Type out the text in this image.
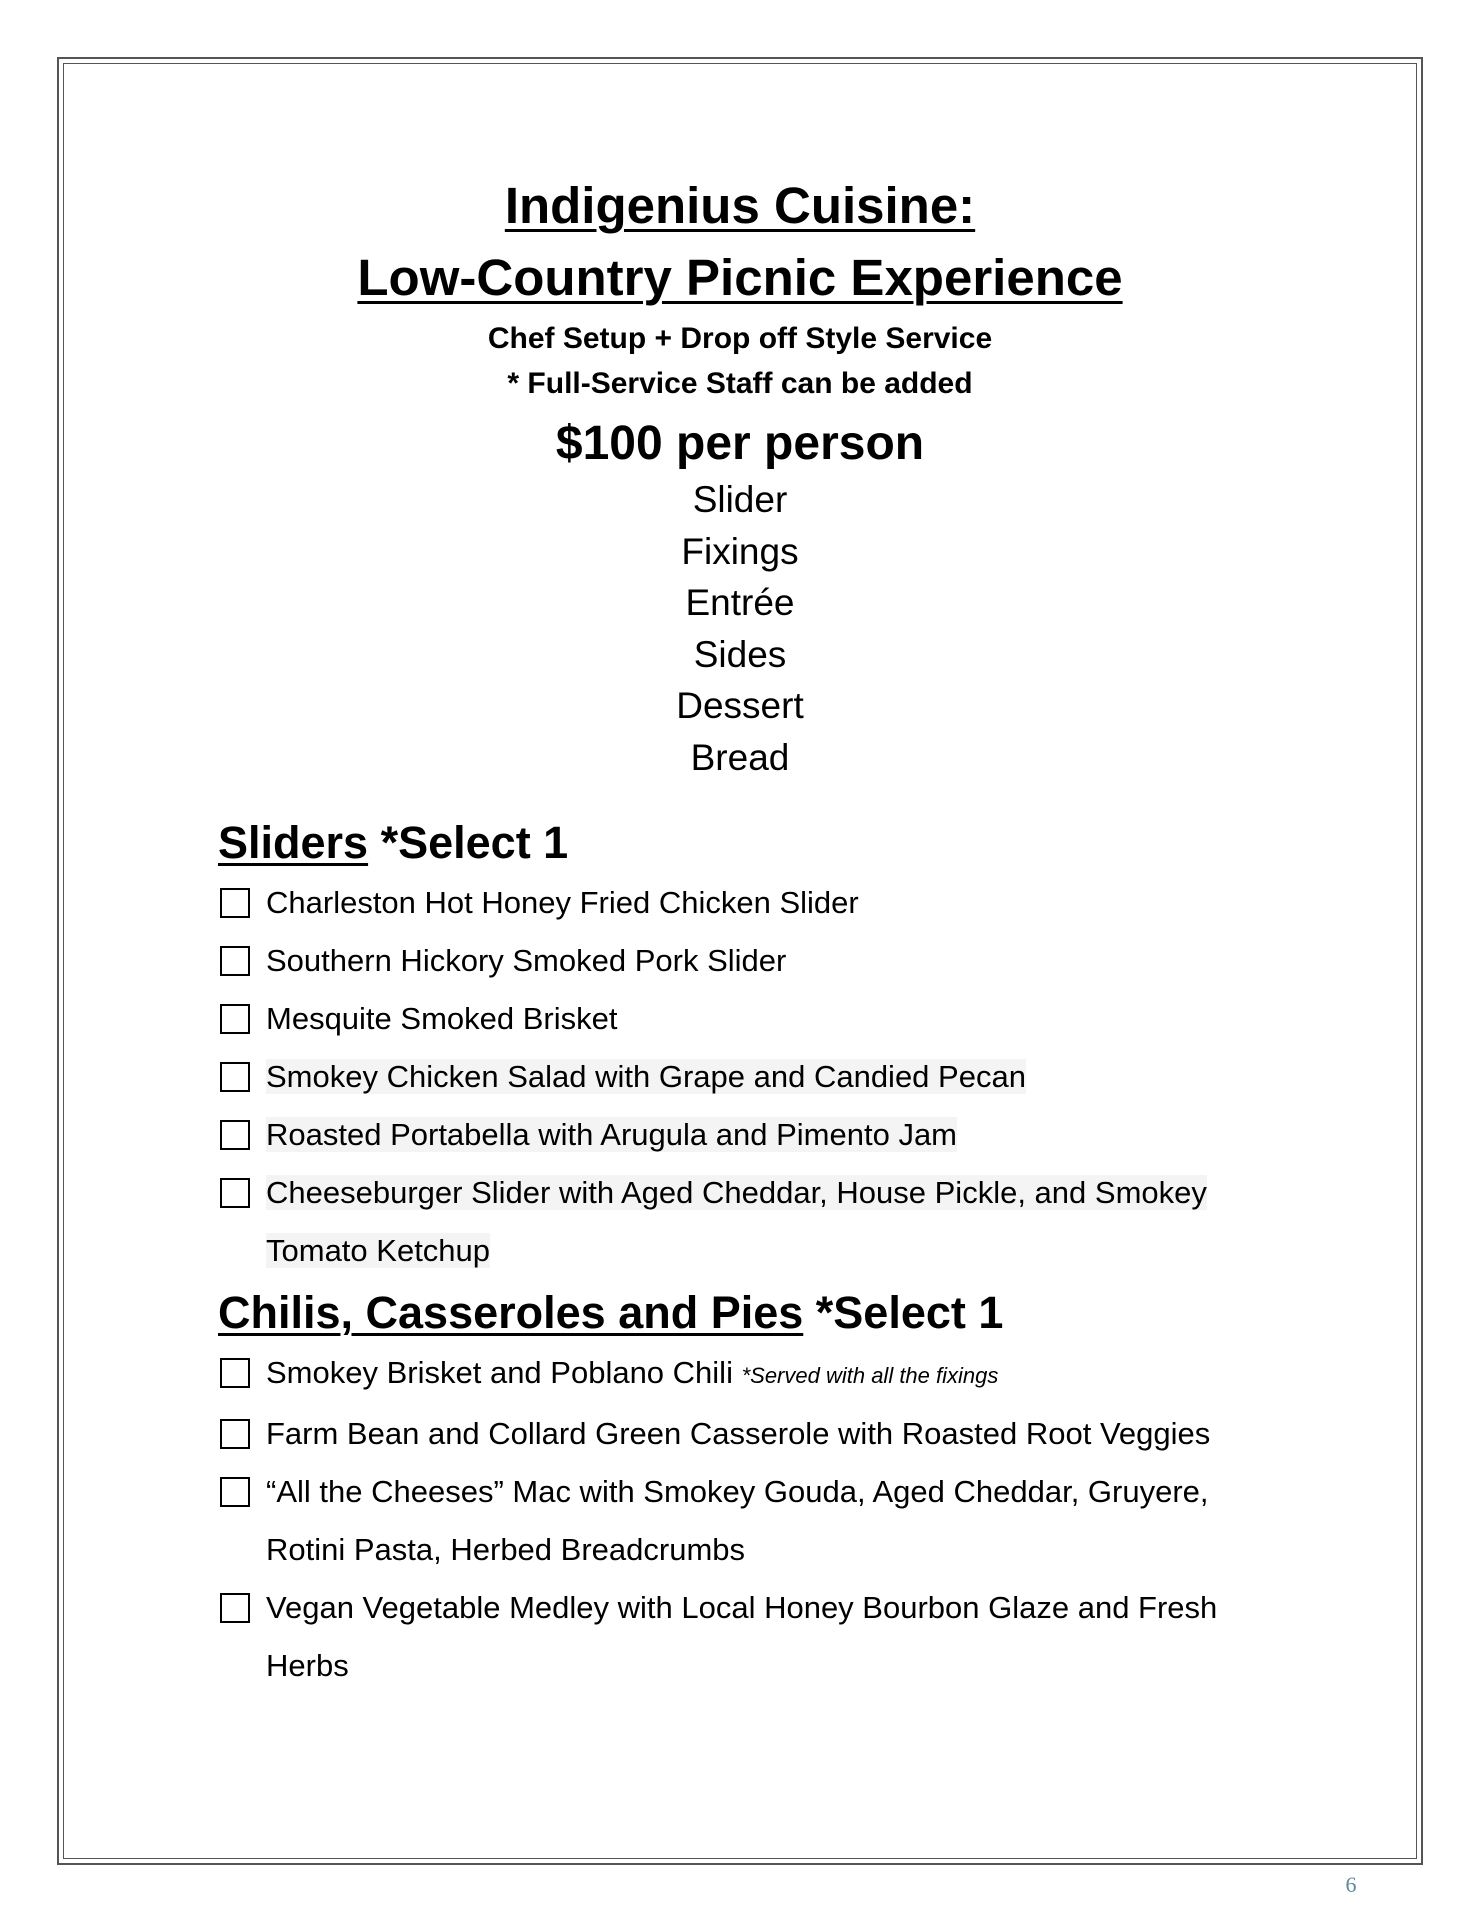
Indigenius Cuisine:
Low-Country Picnic Experience
Chef Setup + Drop off Style Service
* Full-Service Staff can be added
$100 per person
Slider
Fixings
Entrée
Sides
Dessert
Bread
Sliders *Select 1
Charleston Hot Honey Fried Chicken Slider
Southern Hickory Smoked Pork Slider
Mesquite Smoked Brisket
Smokey Chicken Salad with Grape and Candied Pecan
Roasted Portabella with Arugula and Pimento Jam
Cheeseburger Slider with Aged Cheddar, House Pickle, and Smokey
Tomato Ketchup
Chilis, Casseroles and Pies *Select 1
Smokey Brisket and Poblano Chili *Served with all the fixings
Farm Bean and Collard Green Casserole with Roasted Root Veggies
“All the Cheeses” Mac with Smokey Gouda, Aged Cheddar, Gruyere,
Rotini Pasta, Herbed Breadcrumbs
Vegan Vegetable Medley with Local Honey Bourbon Glaze and Fresh
Herbs
6
